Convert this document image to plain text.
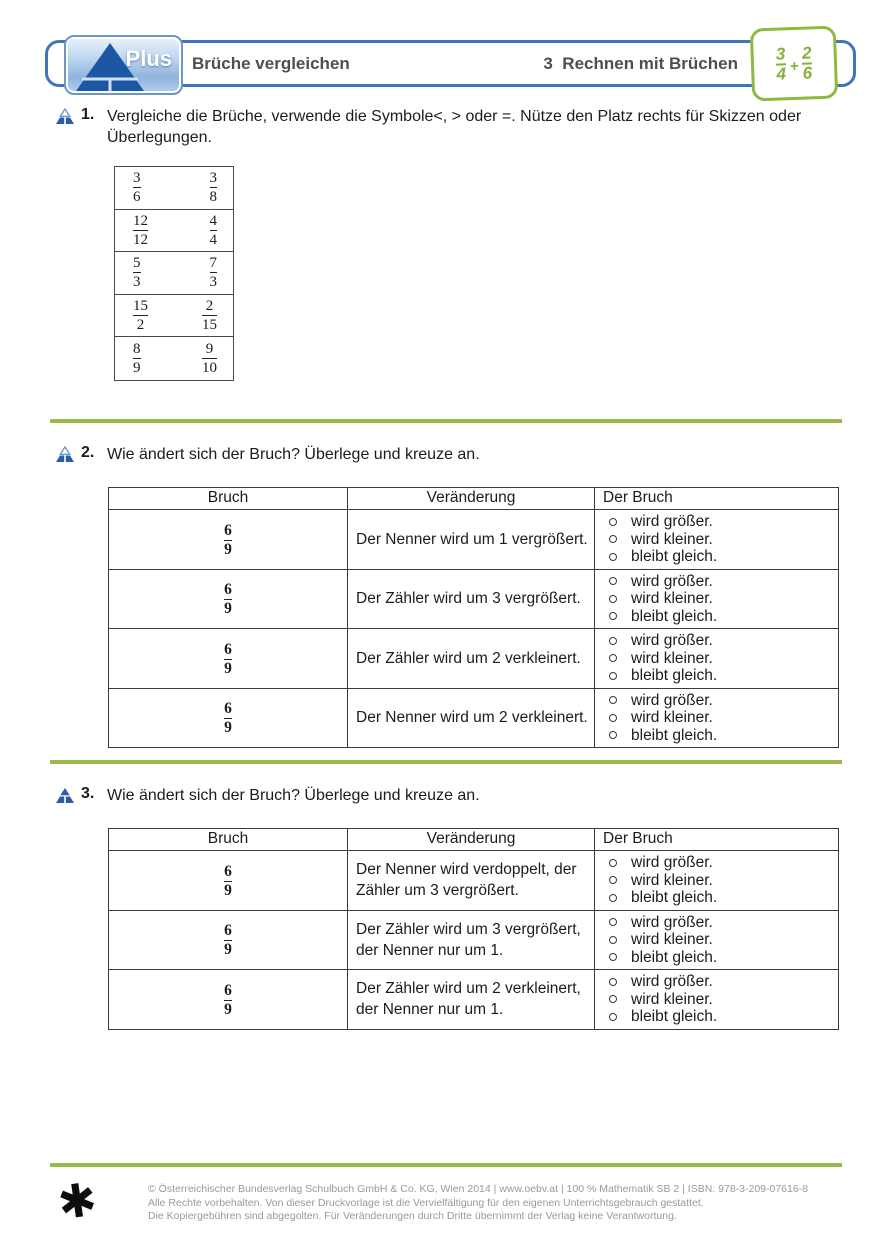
Plus Brüche vergleichen	3  Rechnen mit Brüchen
3
4 +
2
6
1. Vergleiche die Brüche, verwende die Symbole<, > oder =. Nütze den Platz rechts für Skizzen oder Überlegungen.
$\frac{3}{6}$	$\frac{3}{8}$
$\frac{12}{12}$	$\frac{4}{4}$
$\frac{5}{3}$	$\frac{7}{3}$
$\frac{15}{2}$	$\frac{2}{15}$
$\frac{8}{9}$	$\frac{9}{10}$
2. Wie ändert sich der Bruch? Überlege und kreuze an.
Bruch	Veränderung	Der Bruch

$\frac{6}{9}$	Der Nenner wird um 1 vergrößert.	
wird größer.
wird kleiner.
bleibt gleich.

$\frac{6}{9}$	Der Zähler wird um 3 vergrößert.	
wird größer.
wird kleiner.
bleibt gleich.

$\frac{6}{9}$	Der Zähler wird um 2 verkleinert.	
wird größer.
wird kleiner.
bleibt gleich.

$\frac{6}{9}$	Der Nenner wird um 2 verkleinert.	
wird größer.
wird kleiner.
bleibt gleich.
3. Wie ändert sich der Bruch? Überlege und kreuze an.
Bruch	Veränderung	Der Bruch

$\frac{6}{9}$	Der Nenner wird verdoppelt, der Zähler um 3 vergrößert.	
wird größer.
wird kleiner.
bleibt gleich.

$\frac{6}{9}$	Der Zähler wird um 3 vergrößert, der Nenner nur um 1.	
wird größer.
wird kleiner.
bleibt gleich.

$\frac{6}{9}$	Der Zähler wird um 2 verkleinert, der Nenner nur um 1.	
wird größer.
wird kleiner.
bleibt gleich.
✱	© Österreichischer Bundesverlag Schulbuch GmbH & Co. KG, Wien 2014 | www.oebv.at | 100 % Mathematik SB 2 | ISBN: 978-3-209-07616-8
Alle Rechte vorbehalten. Von dieser Druckvorlage ist die Vervielfältigung für den eigenen Unterrichtsgebrauch gestattet.
Die Kopiergebühren sind abgegolten. Für Veränderungen durch Dritte übernimmt der Verlag keine Verantwortung.
